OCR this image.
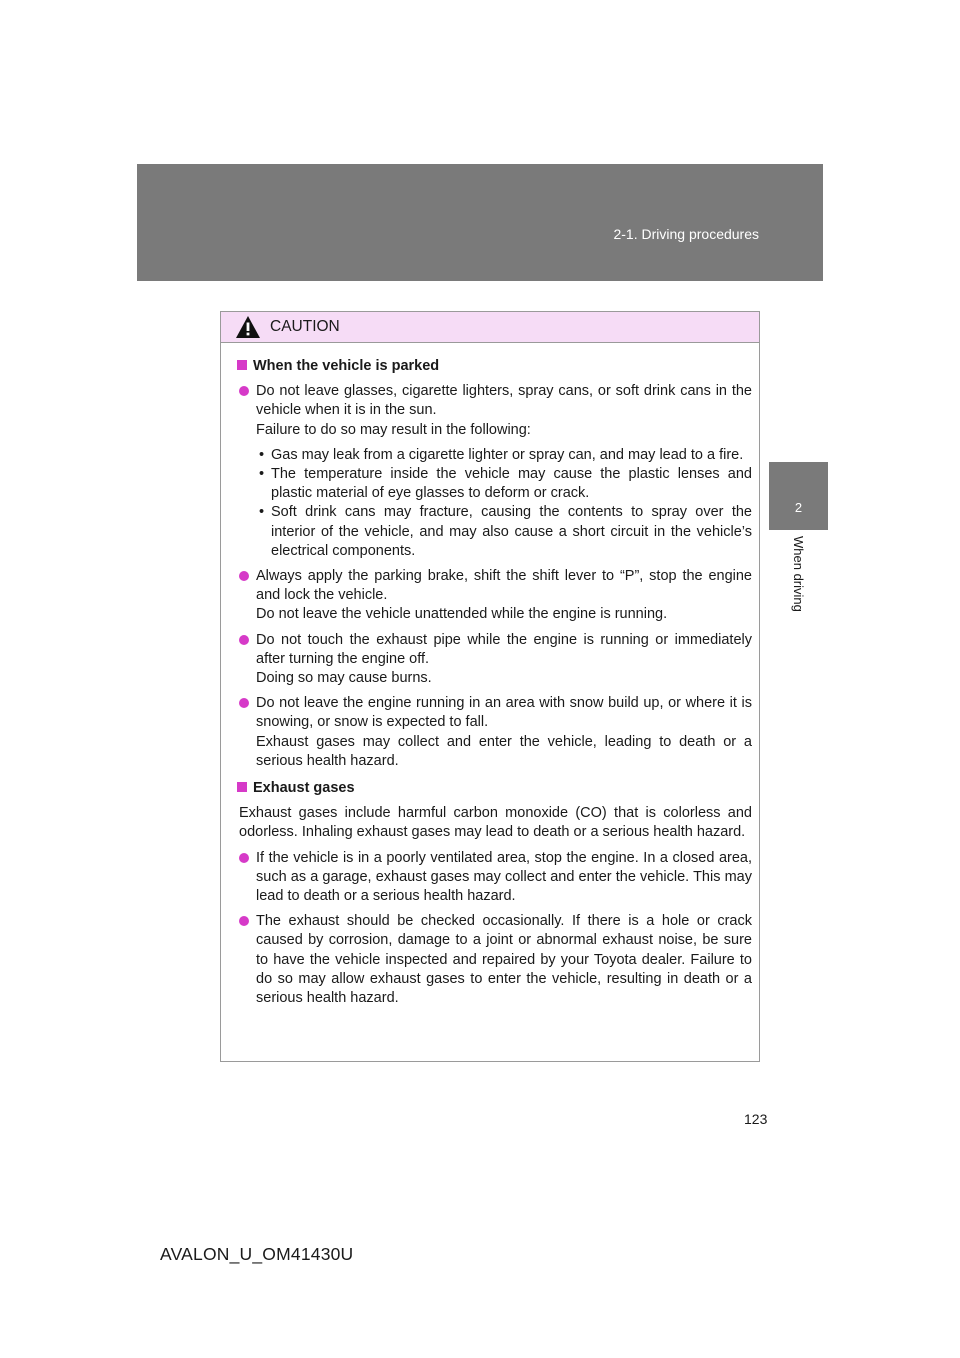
2-1. Driving procedures
2
When driving
CAUTION
When the vehicle is parked

Do not leave glasses, cigarette lighters, spray cans, or soft drink cans in the vehicle when it is in the sun.

Failure to do so may result in the following:

• Gas may leak from a cigarette lighter or spray can, and may lead to a fire.
• The temperature inside the vehicle may cause the plastic lenses and plastic material of eye glasses to deform or crack.
• Soft drink cans may fracture, causing the contents to spray over the interior of the vehicle, and may also cause a short circuit in the vehicle’s electrical components.

Always apply the parking brake, shift the shift lever to “P”, stop the engine and lock the vehicle.

Do not leave the vehicle unattended while the engine is running.

Do not touch the exhaust pipe while the engine is running or immediately after turning the engine off.

Doing so may cause burns.

Do not leave the engine running in an area with snow build up, or where it is snowing, or snow is expected to fall.

Exhaust gases may collect and enter the vehicle, leading to death or a serious health hazard.

Exhaust gases
Exhaust gases include harmful carbon monoxide (CO) that is colorless and odorless. Inhaling exhaust gases may lead to death or a serious health hazard.

If the vehicle is in a poorly ventilated area, stop the engine. In a closed area, such as a garage, exhaust gases may collect and enter the vehicle. This may lead to death or a serious health hazard.

The exhaust should be checked occasionally. If there is a hole or crack caused by corrosion, damage to a joint or abnormal exhaust noise, be sure to have the vehicle inspected and repaired by your Toyota dealer. Failure to do so may allow exhaust gases to enter the vehicle, resulting in death or a serious health hazard.

123
AVALON_U_OM41430U
